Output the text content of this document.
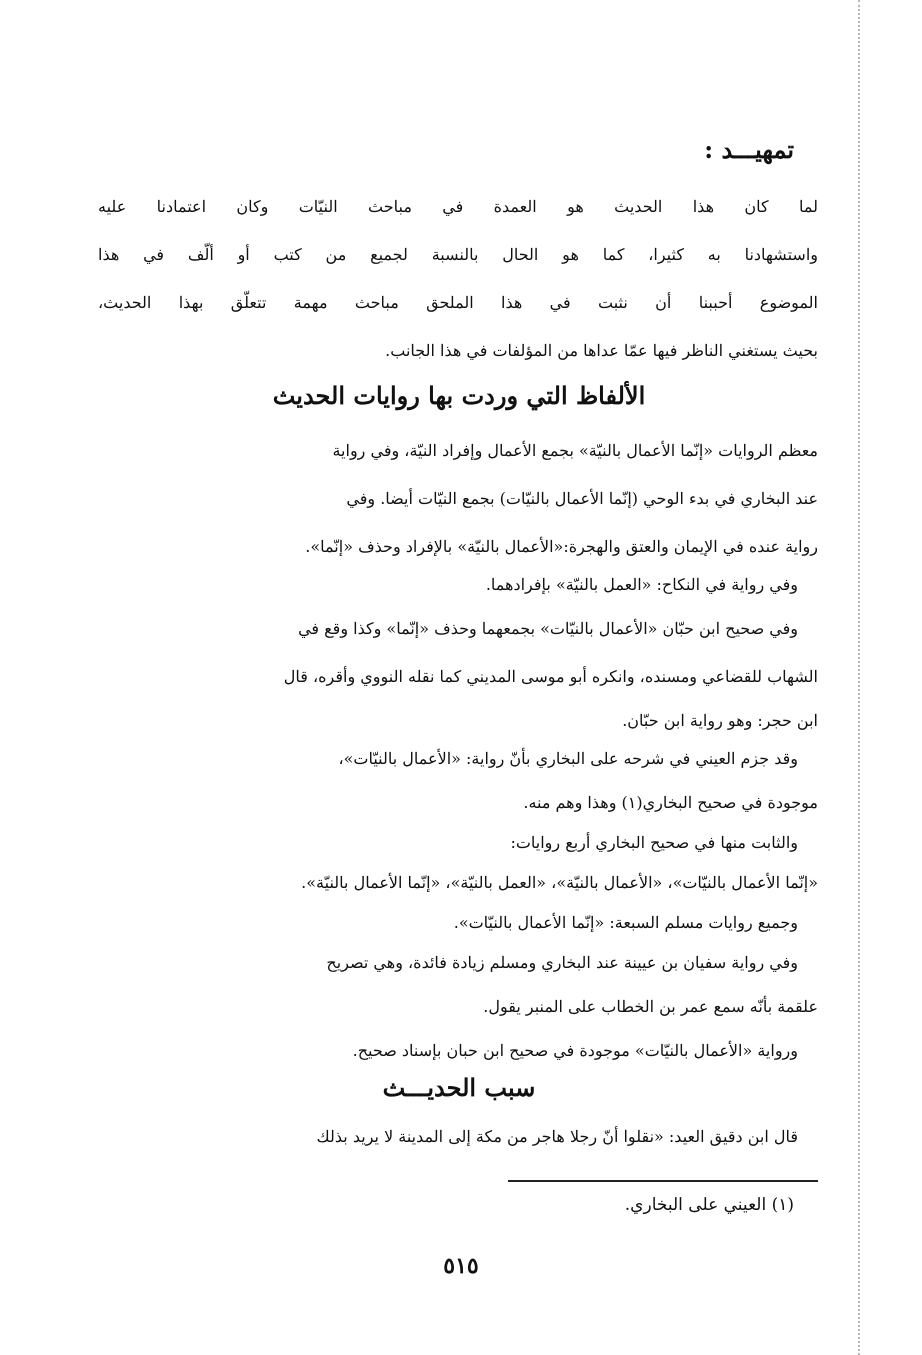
تمهيـــد :
لما كان هذا الحديث هو العمدة في مباحث النيّات وكان اعتمادنا عليه
واستشهادنا به كثيرا، كما هو الحال بالنسبة لجميع من كتب أو ألّف في هذا
الموضوع أحببنا أن نثبت في هذا الملحق مباحث مهمة تتعلّق بهذا الحديث،
بحيث يستغني الناظر فيها عمّا عداها من المؤلفات في هذا الجانب.
الألفاظ التي وردت بها روايات الحديث
معظم الروايات «إنّما الأعمال بالنيّة» بجمع الأعمال وإفراد النيّة، وفي رواية
عند البخاري في بدء الوحي (إنّما الأعمال بالنيّات) بجمع النيّات أيضا. وفي
رواية عنده في الإيمان والعتق والهجرة:«الأعمال بالنيّة» بالإفراد وحذف «إنّما».
وفي رواية في النكاح: «العمل بالنيّة» بإفرادهما.
وفي صحيح ابن حبّان «الأعمال بالنيّات» بجمعهما وحذف «إنّما» وكذا وقع في
الشهاب للقضاعي ومسنده، وانكره أبو موسى المديني كما نقله النووي وأقره، قال
ابن حجر: وهو رواية ابن حبّان.
وقد جزم العيني في شرحه على البخاري بأنّ رواية: «الأعمال بالنيّات»،
موجودة في صحيح البخاري(١) وهذا وهم منه.
والثابت منها في صحيح البخاري أربع روايات:
«إنّما الأعمال بالنيّات»، «الأعمال بالنيّة»، «العمل بالنيّة»، «إنّما الأعمال بالنيّة».
وجميع روايات مسلم السبعة: «إنّما الأعمال بالنيّات».
وفي رواية سفيان بن عيينة عند البخاري ومسلم زيادة فائدة، وهي تصريح
علقمة بأنّه سمع عمر بن الخطاب على المنبر يقول.
ورواية «الأعمال بالنيّات» موجودة في صحيح ابن حبان بإسناد صحيح.
سبب الحديـــث
قال ابن دقيق العيد: «نقلوا أنّ رجلا هاجر من مكة إلى المدينة لا يريد بذلك
(١) العيني على البخاري.
٥١٥
